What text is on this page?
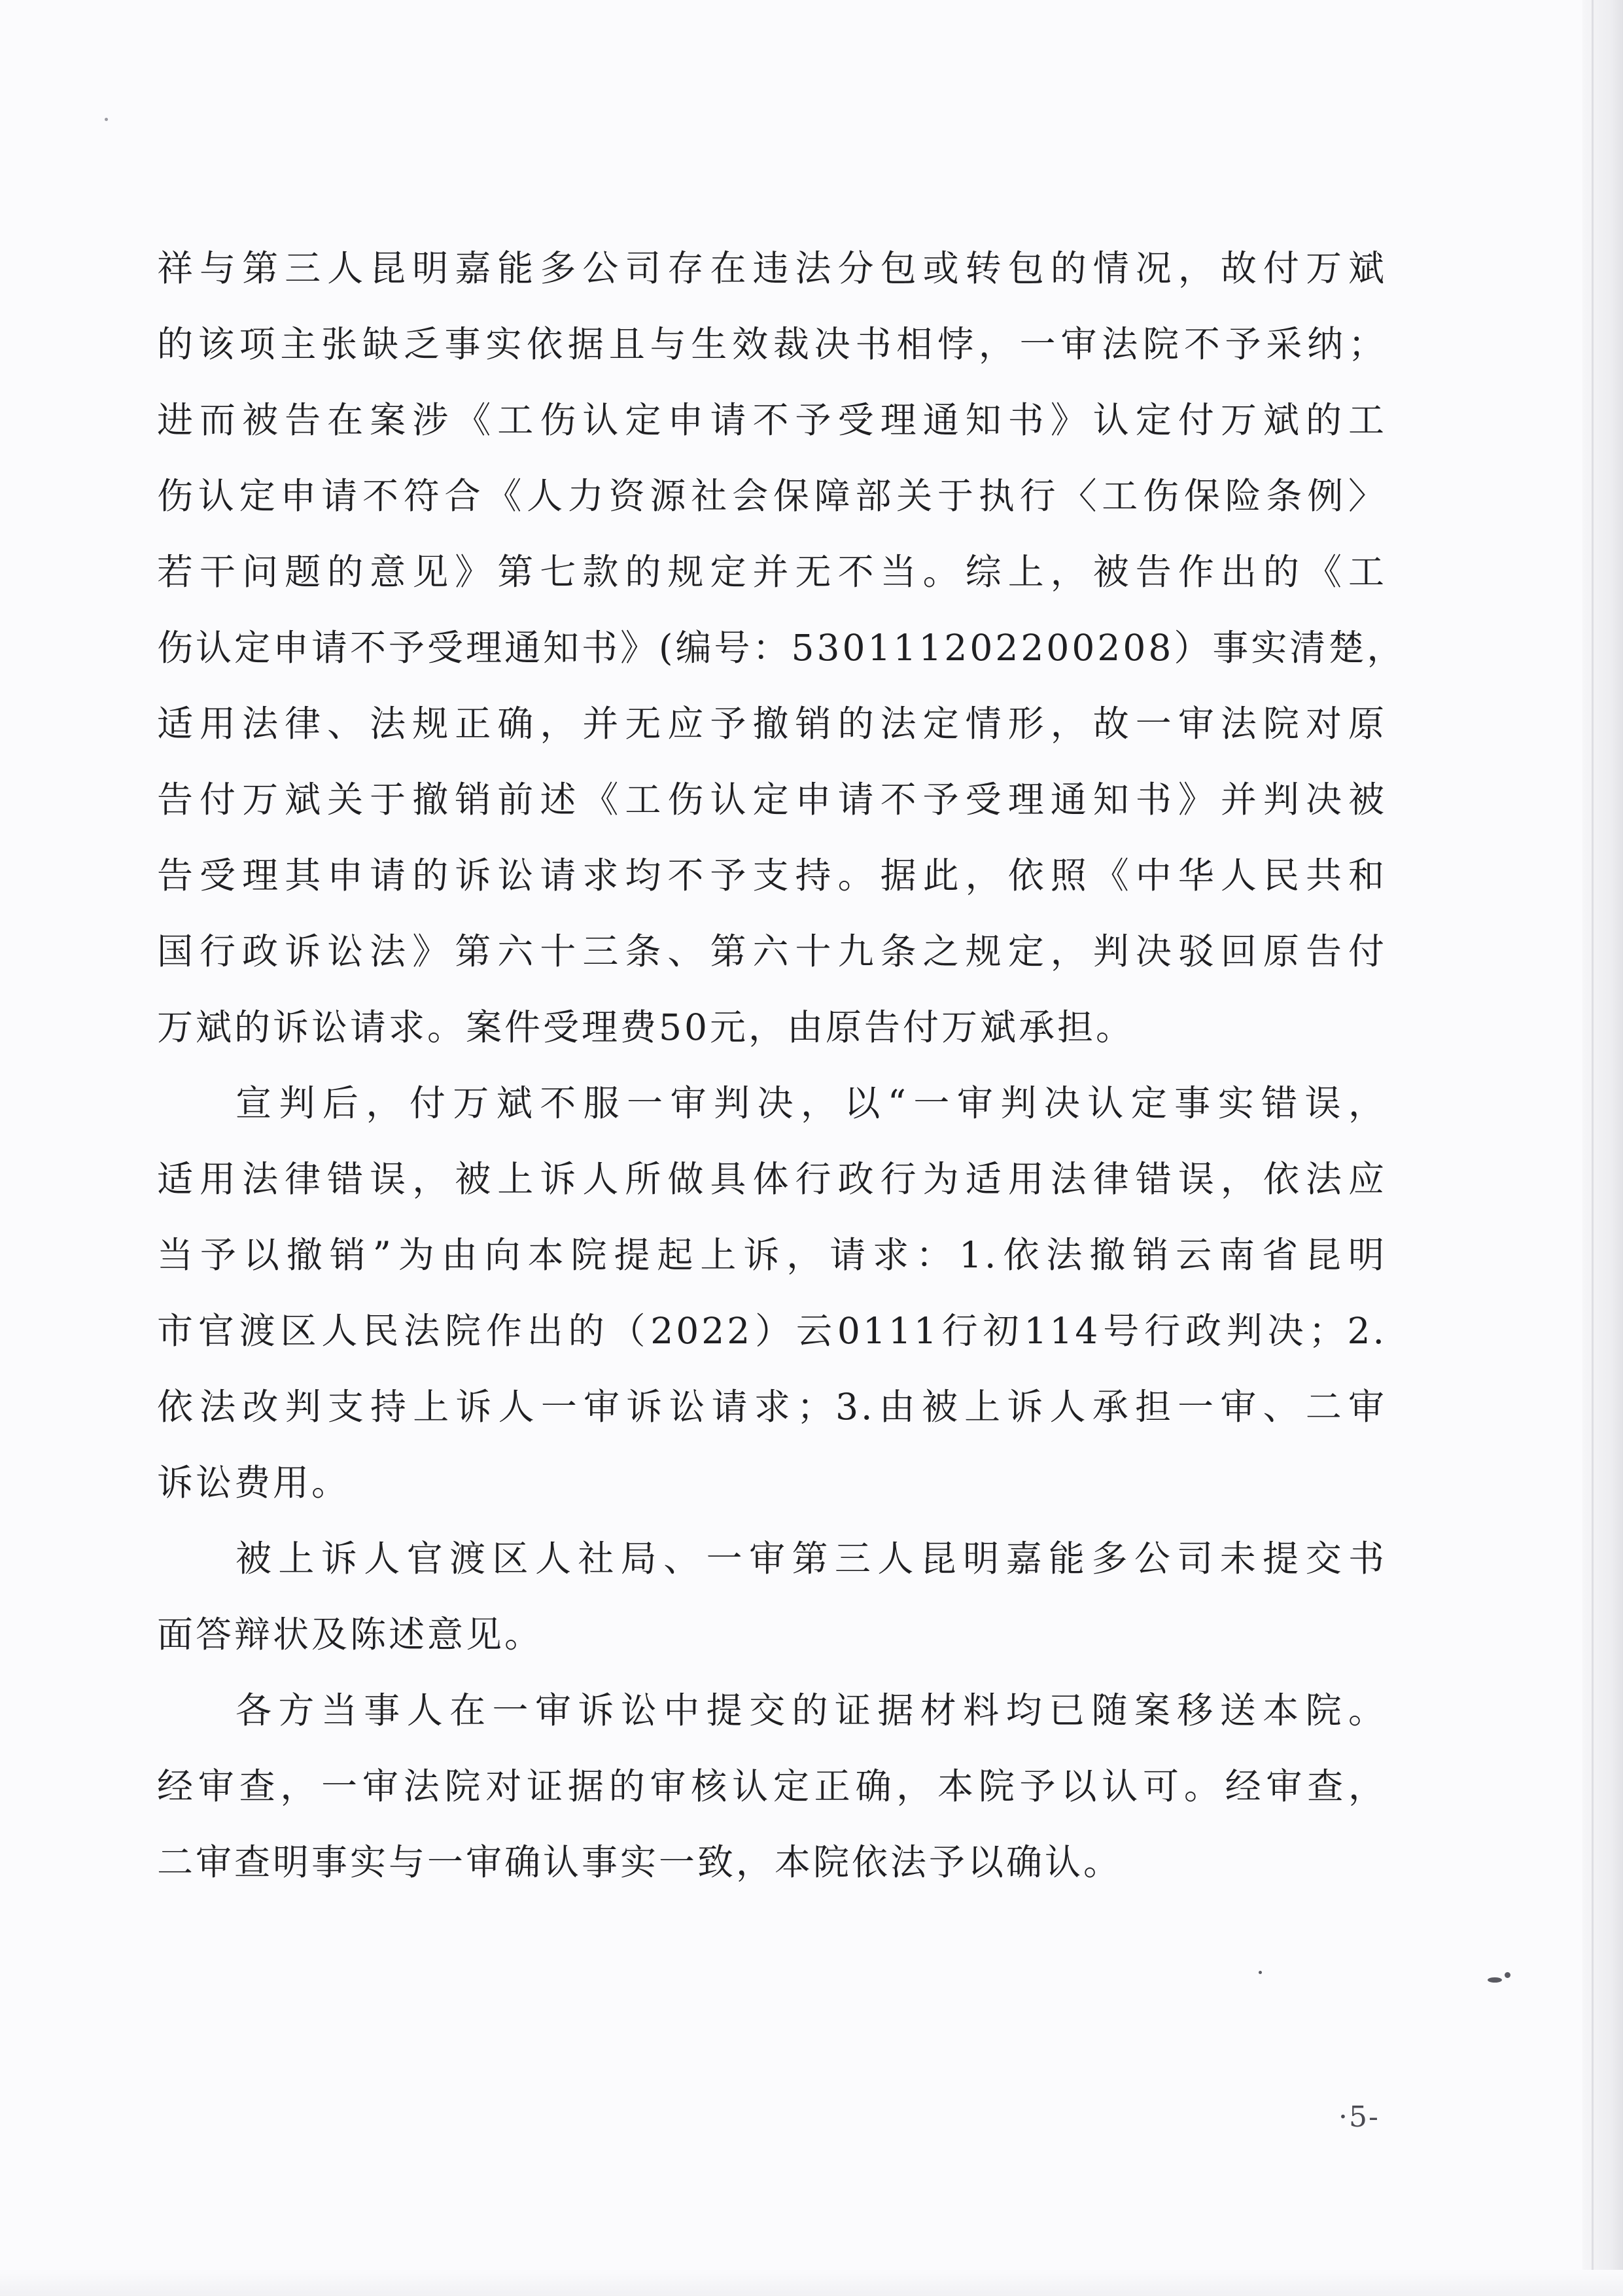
祥与第三人昆明嘉能多公司存在违法分包或转包的情况，故付万斌
的该项主张缺乏事实依据且与生效裁决书相悖，一审法院不予采纳；
进而被告在案涉《工伤认定申请不予受理通知书》认定付万斌的工
伤认定申请不符合《人力资源社会保障部关于执行〈工伤保险条例〉
若干问题的意见》第七款的规定并无不当。综上，被告作出的《工
伤认定申请不予受理通知书》(编号：530111202200208）事实清楚，
适用法律、法规正确，并无应予撤销的法定情形，故一审法院对原
告付万斌关于撤销前述《工伤认定申请不予受理通知书》并判决被
告受理其申请的诉讼请求均不予支持。据此，依照《中华人民共和
国行政诉讼法》第六十三条、第六十九条之规定，判决驳回原告付
万斌的诉讼请求。案件受理费50元，由原告付万斌承担。
宣判后，付万斌不服一审判决，以“一审判决认定事实错误，
适用法律错误，被上诉人所做具体行政行为适用法律错误，依法应
当予以撤销”为由向本院提起上诉，请求：1.依法撤销云南省昆明
市官渡区人民法院作出的（2022）云0111行初114号行政判决；2.
依法改判支持上诉人一审诉讼请求；3.由被上诉人承担一审、二审
诉讼费用。
被上诉人官渡区人社局、一审第三人昆明嘉能多公司未提交书
面答辩状及陈述意见。
各方当事人在一审诉讼中提交的证据材料均已随案移送本院。
经审查，一审法院对证据的审核认定正确，本院予以认可。经审查，
二审查明事实与一审确认事实一致，本院依法予以确认。
·5-
